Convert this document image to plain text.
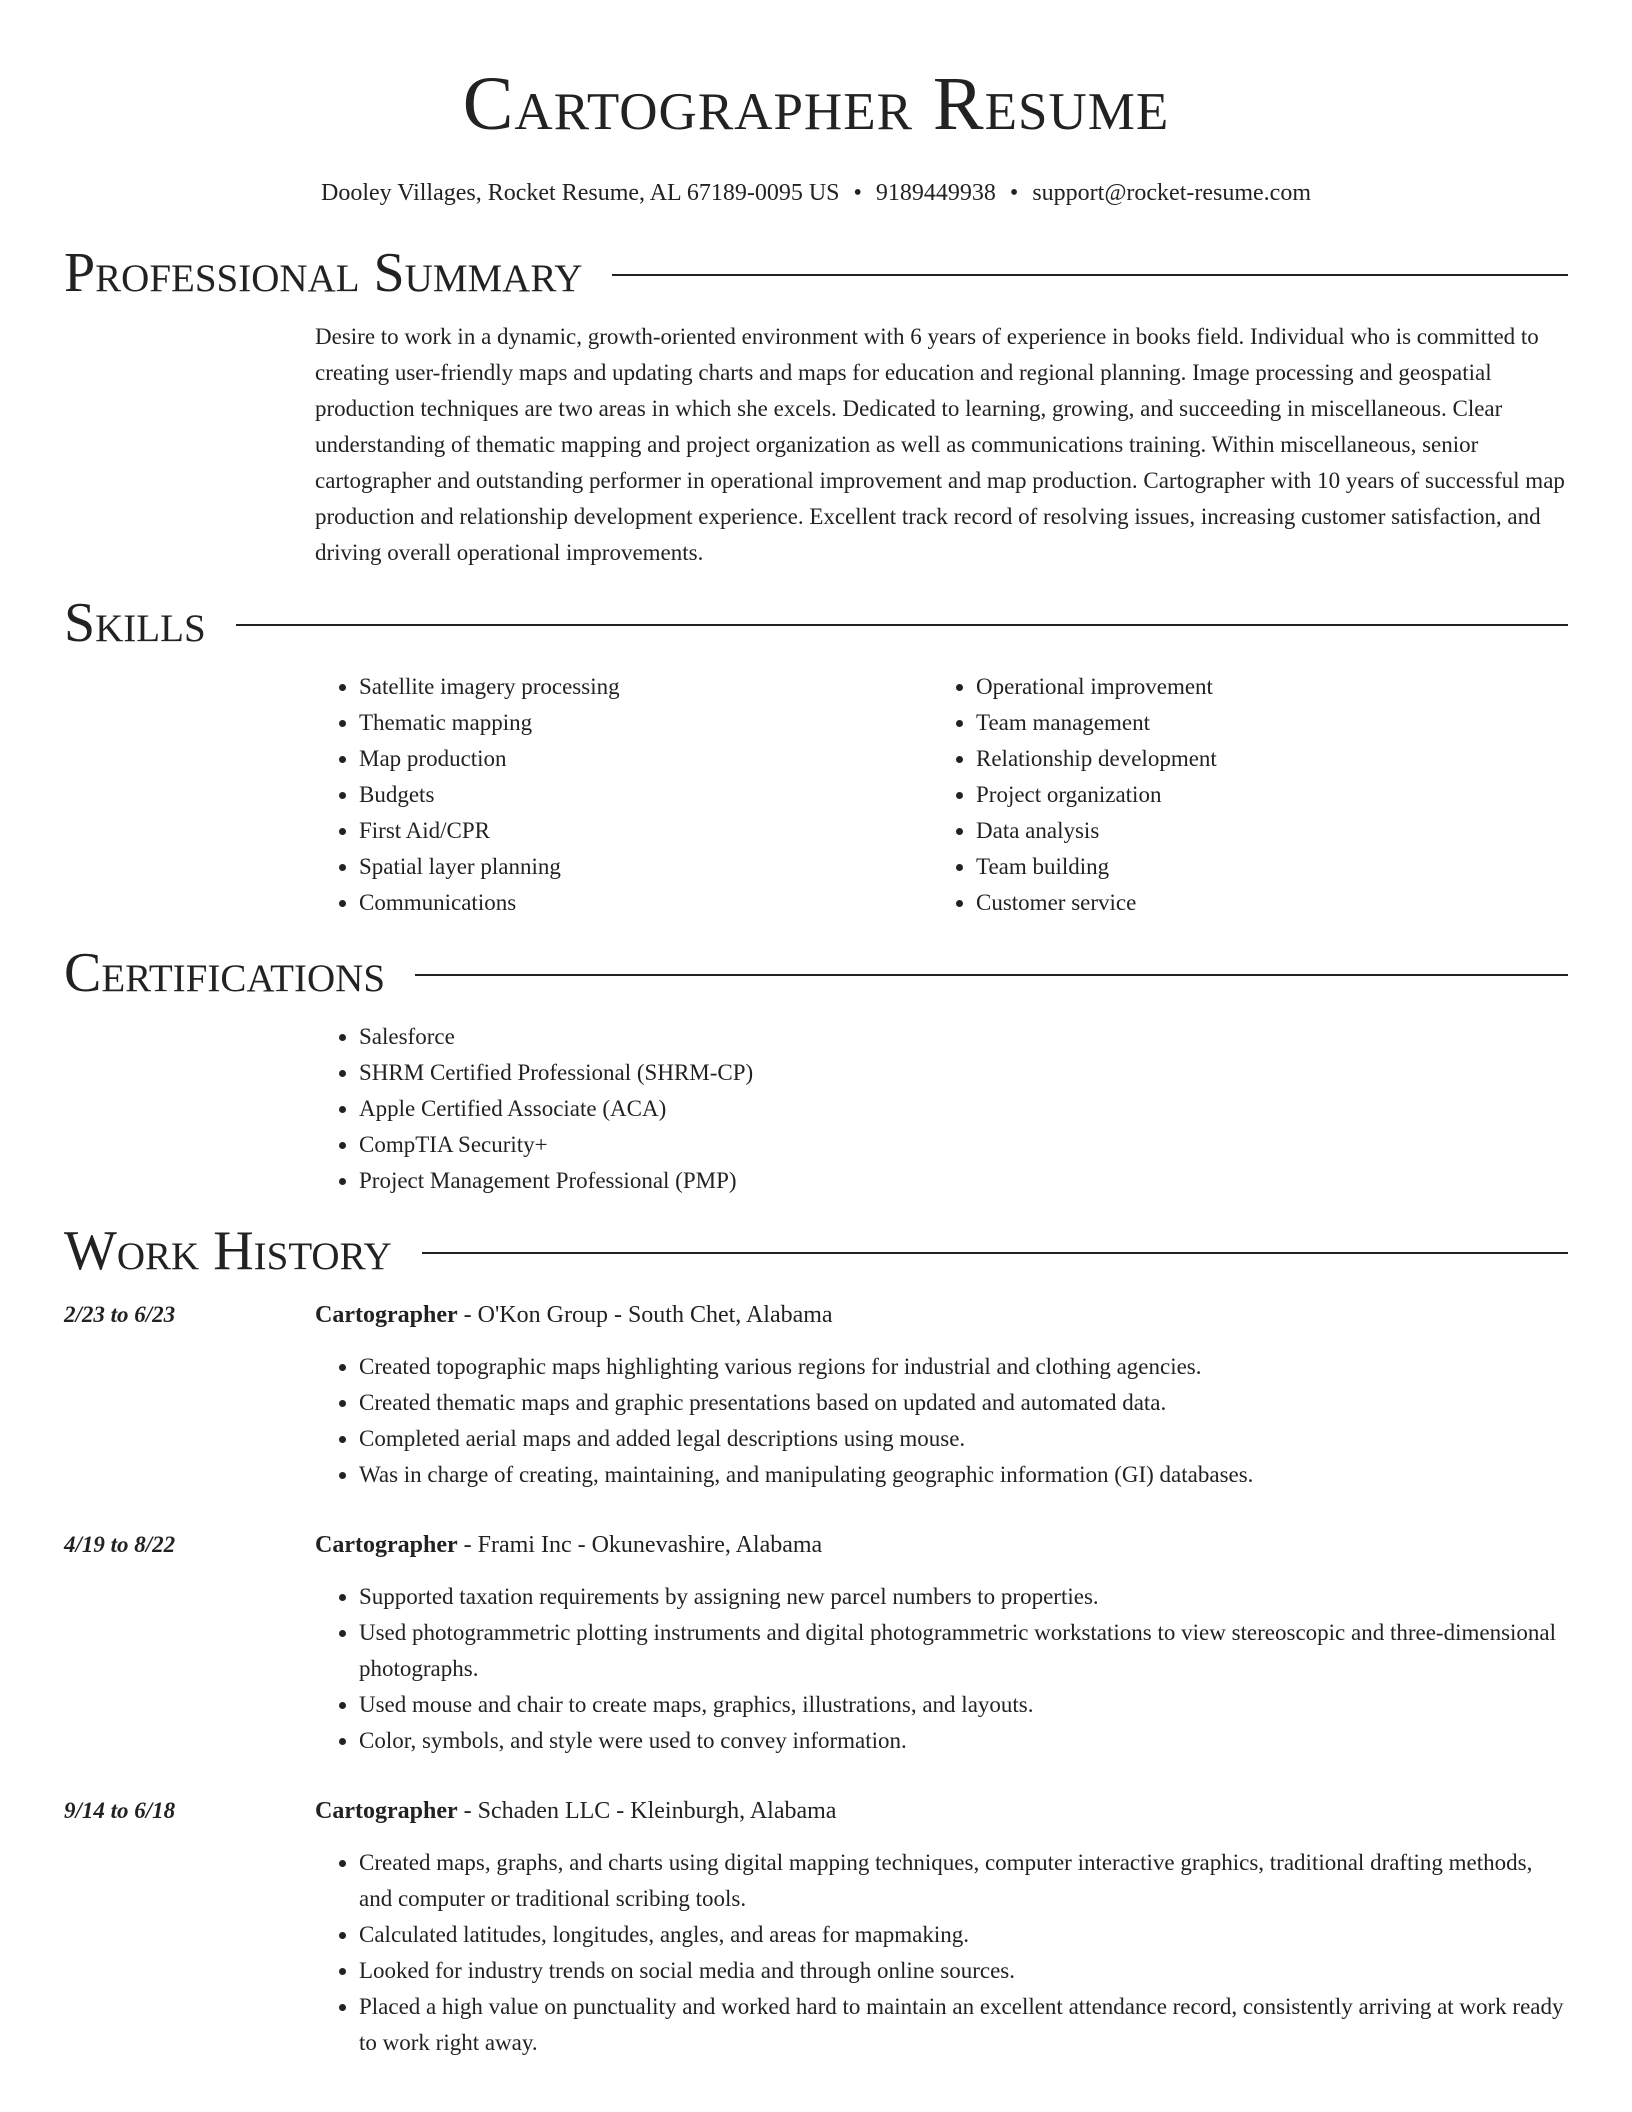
Cartographer Resume
Dooley Villages, Rocket Resume, AL 67189-0095 US • 9189449938 • support@rocket-resume.com
Professional Summary

Desire to work in a dynamic, growth-oriented environment with 6 years of experience in books field. Individual who is committed to creating user-friendly maps and updating charts and maps for education and regional planning. Image processing and geospatial production techniques are two areas in which she excels. Dedicated to learning, growing, and succeeding in miscellaneous. Clear understanding of thematic mapping and project organization as well as communications training. Within miscellaneous, senior cartographer and outstanding performer in operational improvement and map production. Cartographer with 10 years of successful map production and relationship development experience. Excellent track record of resolving issues, increasing customer satisfaction, and driving overall operational improvements.

Skills
• Satellite imagery processing
• Thematic mapping
• Map production
• Budgets
• First Aid/CPR
• Spatial layer planning
• Communications
• Operational improvement
• Team management
• Relationship development
• Project organization
• Data analysis
• Team building
• Customer service
Certifications
• Salesforce
• SHRM Certified Professional (SHRM-CP)
• Apple Certified Associate (ACA)
• CompTIA Security+
• Project Management Professional (PMP)
Work History
2/23 to 6/23	Cartographer - O'Kon Group - South Chet, Alabama
• Created topographic maps highlighting various regions for industrial and clothing agencies.
• Created thematic maps and graphic presentations based on updated and automated data.
• Completed aerial maps and added legal descriptions using mouse.
• Was in charge of creating, maintaining, and manipulating geographic information (GI) databases.
4/19 to 8/22	Cartographer - Frami Inc - Okunevashire, Alabama
• Supported taxation requirements by assigning new parcel numbers to properties.
• Used photogrammetric plotting instruments and digital photogrammetric workstations to view stereoscopic and three-dimensional photographs.
• Used mouse and chair to create maps, graphics, illustrations, and layouts.
• Color, symbols, and style were used to convey information.
9/14 to 6/18	Cartographer - Schaden LLC - Kleinburgh, Alabama
• Created maps, graphs, and charts using digital mapping techniques, computer interactive graphics, traditional drafting methods, and computer or traditional scribing tools.
• Calculated latitudes, longitudes, angles, and areas for mapmaking.
• Looked for industry trends on social media and through online sources.
• Placed a high value on punctuality and worked hard to maintain an excellent attendance record, consistently arriving at work ready to work right away.
